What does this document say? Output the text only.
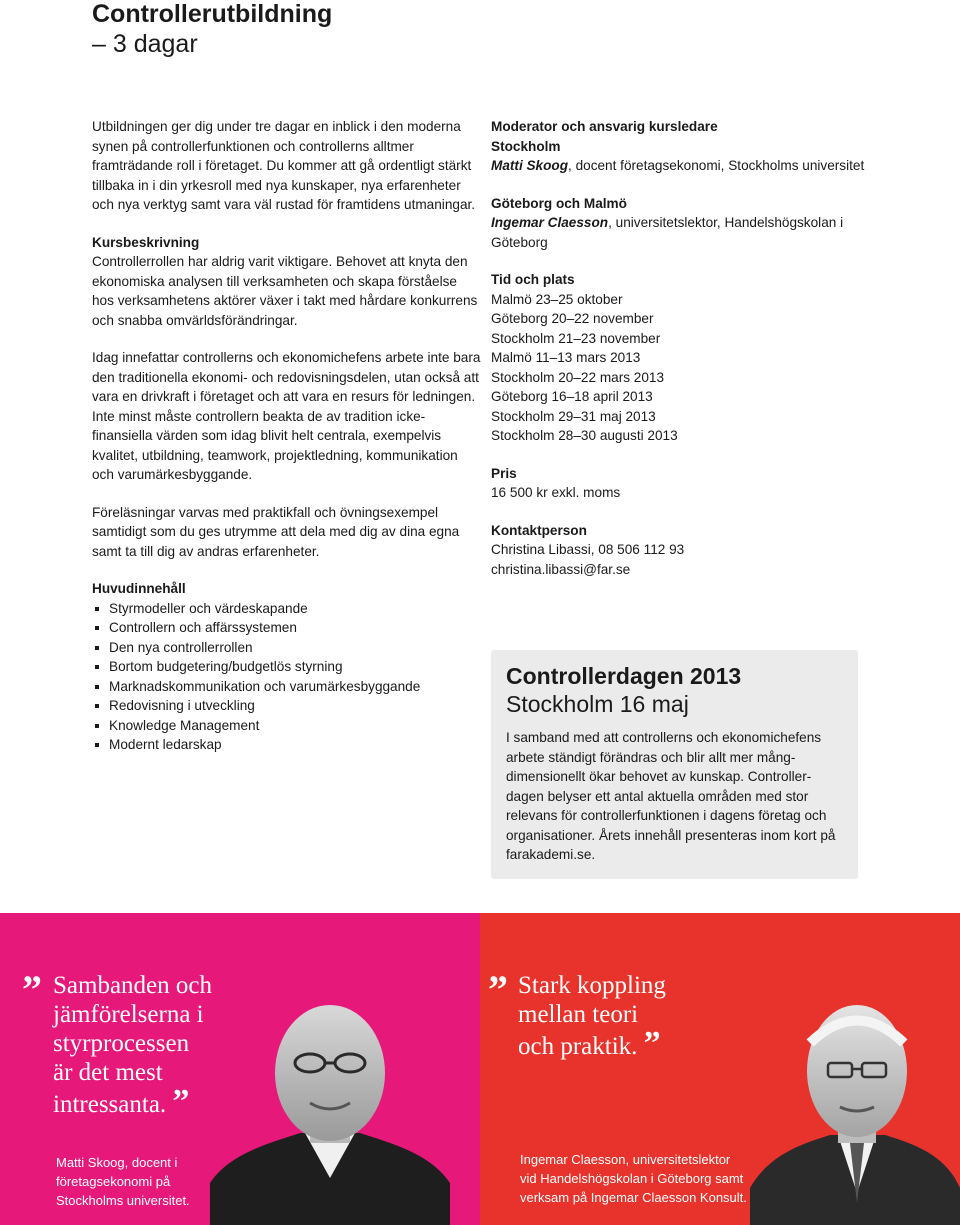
Controllerutbildning
– 3 dagar

Utbildningen ger dig under tre dagar en inblick i den moderna synen på controllerfunktionen och controllerns alltmer framträdande roll i företaget. Du kommer att gå ordentligt stärkt tillbaka in i din yrkesroll med nya kunskaper, nya erfarenheter och nya verktyg samt vara väl rustad för framtidens utmaningar.

Kursbeskrivning

Controllerrollen har aldrig varit viktigare. Behovet att knyta den ekonomiska analysen till verksamheten och skapa förståelse hos verksamhetens aktörer växer i takt med hårdare konkurrens och snabba omvärldsförändringar.

Idag innefattar controllerns och ekonomichefens arbete inte bara den traditionella ekonomi- och redovisningsdelen, utan också att vara en drivkraft i företaget och att vara en resurs för ledningen. Inte minst måste controllern beakta de av tradition icke-finansiella värden som idag blivit helt centrala, exempelvis kvalitet, utbildning, teamwork, projektledning, kommunikation och varumärkesbyggande.

Föreläsningar varvas med praktikfall och övningsexempel samtidigt som du ges utrymme att dela med dig av dina egna samt ta till dig av andras erfarenheter.

Huvudinnehåll

Styrmodeller och värdeskapande
Controllern och affärssystemen
Den nya controllerrollen
Bortom budgetering/budgetlös styrning
Marknadskommunikation och varumärkesbyggande
Redovisning i utveckling
Knowledge Management
Modernt ledarskap

Moderator och ansvarig kursledare

Stockholm

Matti Skoog, docent företagsekonomi, Stockholms universitet

Göteborg och Malmö

Ingemar Claesson, universitetslektor, Handelshögskolan i Göteborg

Tid och plats

Malmö 23–25 oktober

Göteborg 20–22 november

Stockholm 21–23 november

Malmö 11–13 mars 2013

Stockholm 20–22 mars 2013

Göteborg 16–18 april 2013

Stockholm 29–31 maj 2013

Stockholm 28–30 augusti 2013

Pris

16 500 kr exkl. moms

Kontaktperson

Christina Libassi, 08 506 112 93

christina.libassi@far.se

Controllerdagen 2013
Stockholm 16 maj
I samband med att controllerns och ekonomichefens arbete ständigt förändras och blir allt mer mång-dimensionellt ökar behovet av kunskap. Controller-dagen belyser ett antal aktuella områden med stor relevans för controllerfunktionen i dagens företag och organisationer. Årets innehåll presenteras inom kort på farakademi.se.
” Sambanden och
jämförelserna i
styrprocessen
är det mest
intressanta. ”
Matti Skoog, docent i
företagsekonomi på
Stockholms universitet.
” Stark koppling
mellan teori
och praktik. ”
Ingemar Claesson, universitetslektor
vid Handelshögskolan i Göteborg samt
verksam på Ingemar Claesson Konsult.
